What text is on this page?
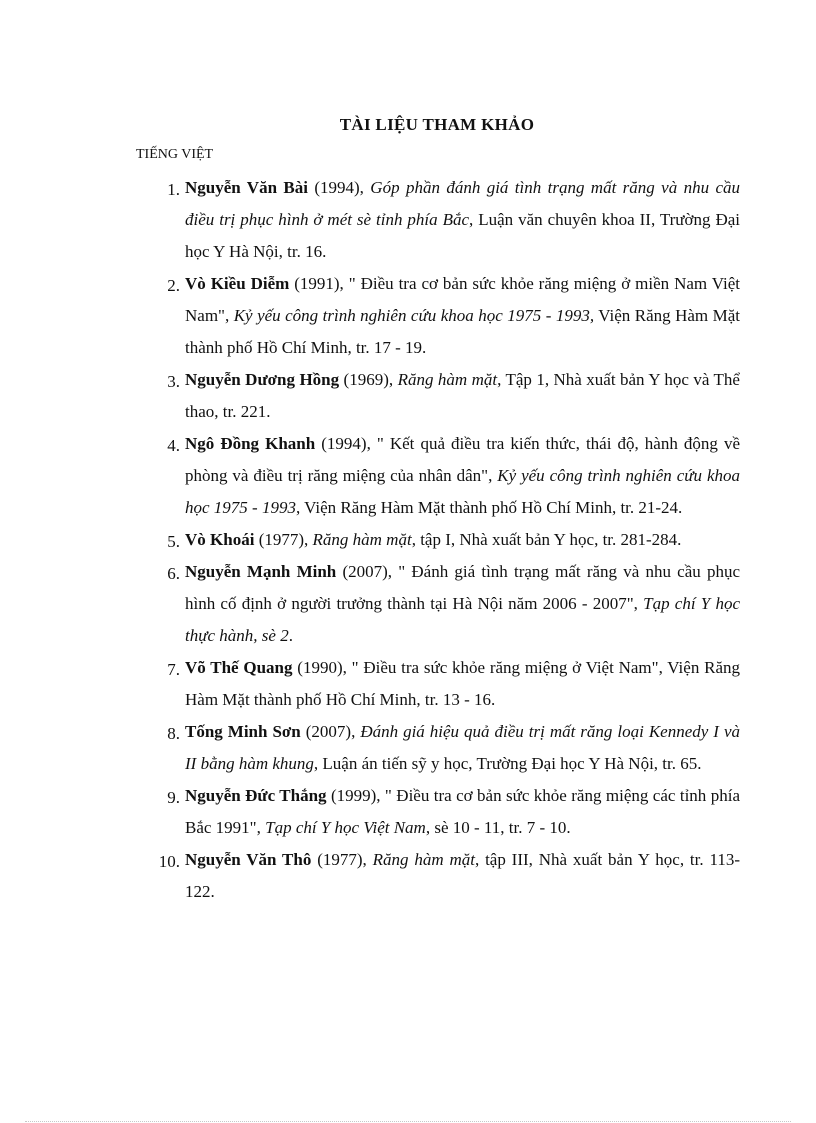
TÀI LIỆU THAM KHẢO
TIẾNG VIỆT
1. Nguyễn Văn Bài (1994), Góp phần đánh giá tình trạng mất răng và nhu cầu điều trị phục hình ở mét sè tỉnh phía Bắc, Luận văn chuyên khoa II, Trường Đại học Y Hà Nội, tr. 16.
2. Vò Kiều Diễm (1991), " Điều tra cơ bản sức khỏe răng miệng ở miền Nam Việt Nam", Kỷ yếu công trình nghiên cứu khoa học 1975 - 1993, Viện Răng Hàm Mặt thành phố Hồ Chí Minh, tr. 17 - 19.
3. Nguyễn Dương Hồng (1969), Răng hàm mặt, Tập 1, Nhà xuất bản Y học và Thể thao, tr. 221.
4. Ngô Đồng Khanh (1994), " Kết quả điều tra kiến thức, thái độ, hành động về phòng và điều trị răng miệng của nhân dân", Kỷ yếu công trình nghiên cứu khoa học 1975 - 1993, Viện Răng Hàm Mặt thành phố Hồ Chí Minh, tr. 21-24.
5. Vò Khoái (1977), Răng hàm mặt, tập I, Nhà xuất bản Y học, tr. 281-284.
6. Nguyễn Mạnh Minh (2007), " Đánh giá tình trạng mất răng và nhu cầu phục hình cố định ở người trưởng thành tại Hà Nội năm 2006 - 2007", Tạp chí Y học thực hành, sè 2.
7. Võ Thế Quang (1990), " Điều tra sức khỏe răng miệng ở Việt Nam", Viện Răng Hàm Mặt thành phố Hồ Chí Minh, tr. 13 - 16.
8. Tống Minh Sơn (2007), Đánh giá hiệu quả điều trị mất răng loại Kennedy I và II bằng hàm khung, Luận án tiến sỹ y học, Trường Đại học Y Hà Nội, tr. 65.
9. Nguyễn Đức Thắng (1999), " Điều tra cơ bản sức khỏe răng miệng các tỉnh phía Bắc 1991", Tạp chí Y học Việt Nam, sè 10 - 11, tr. 7 - 10.
10. Nguyễn Văn Thô (1977), Răng hàm mặt, tập III, Nhà xuất bản Y học, tr. 113-122.
